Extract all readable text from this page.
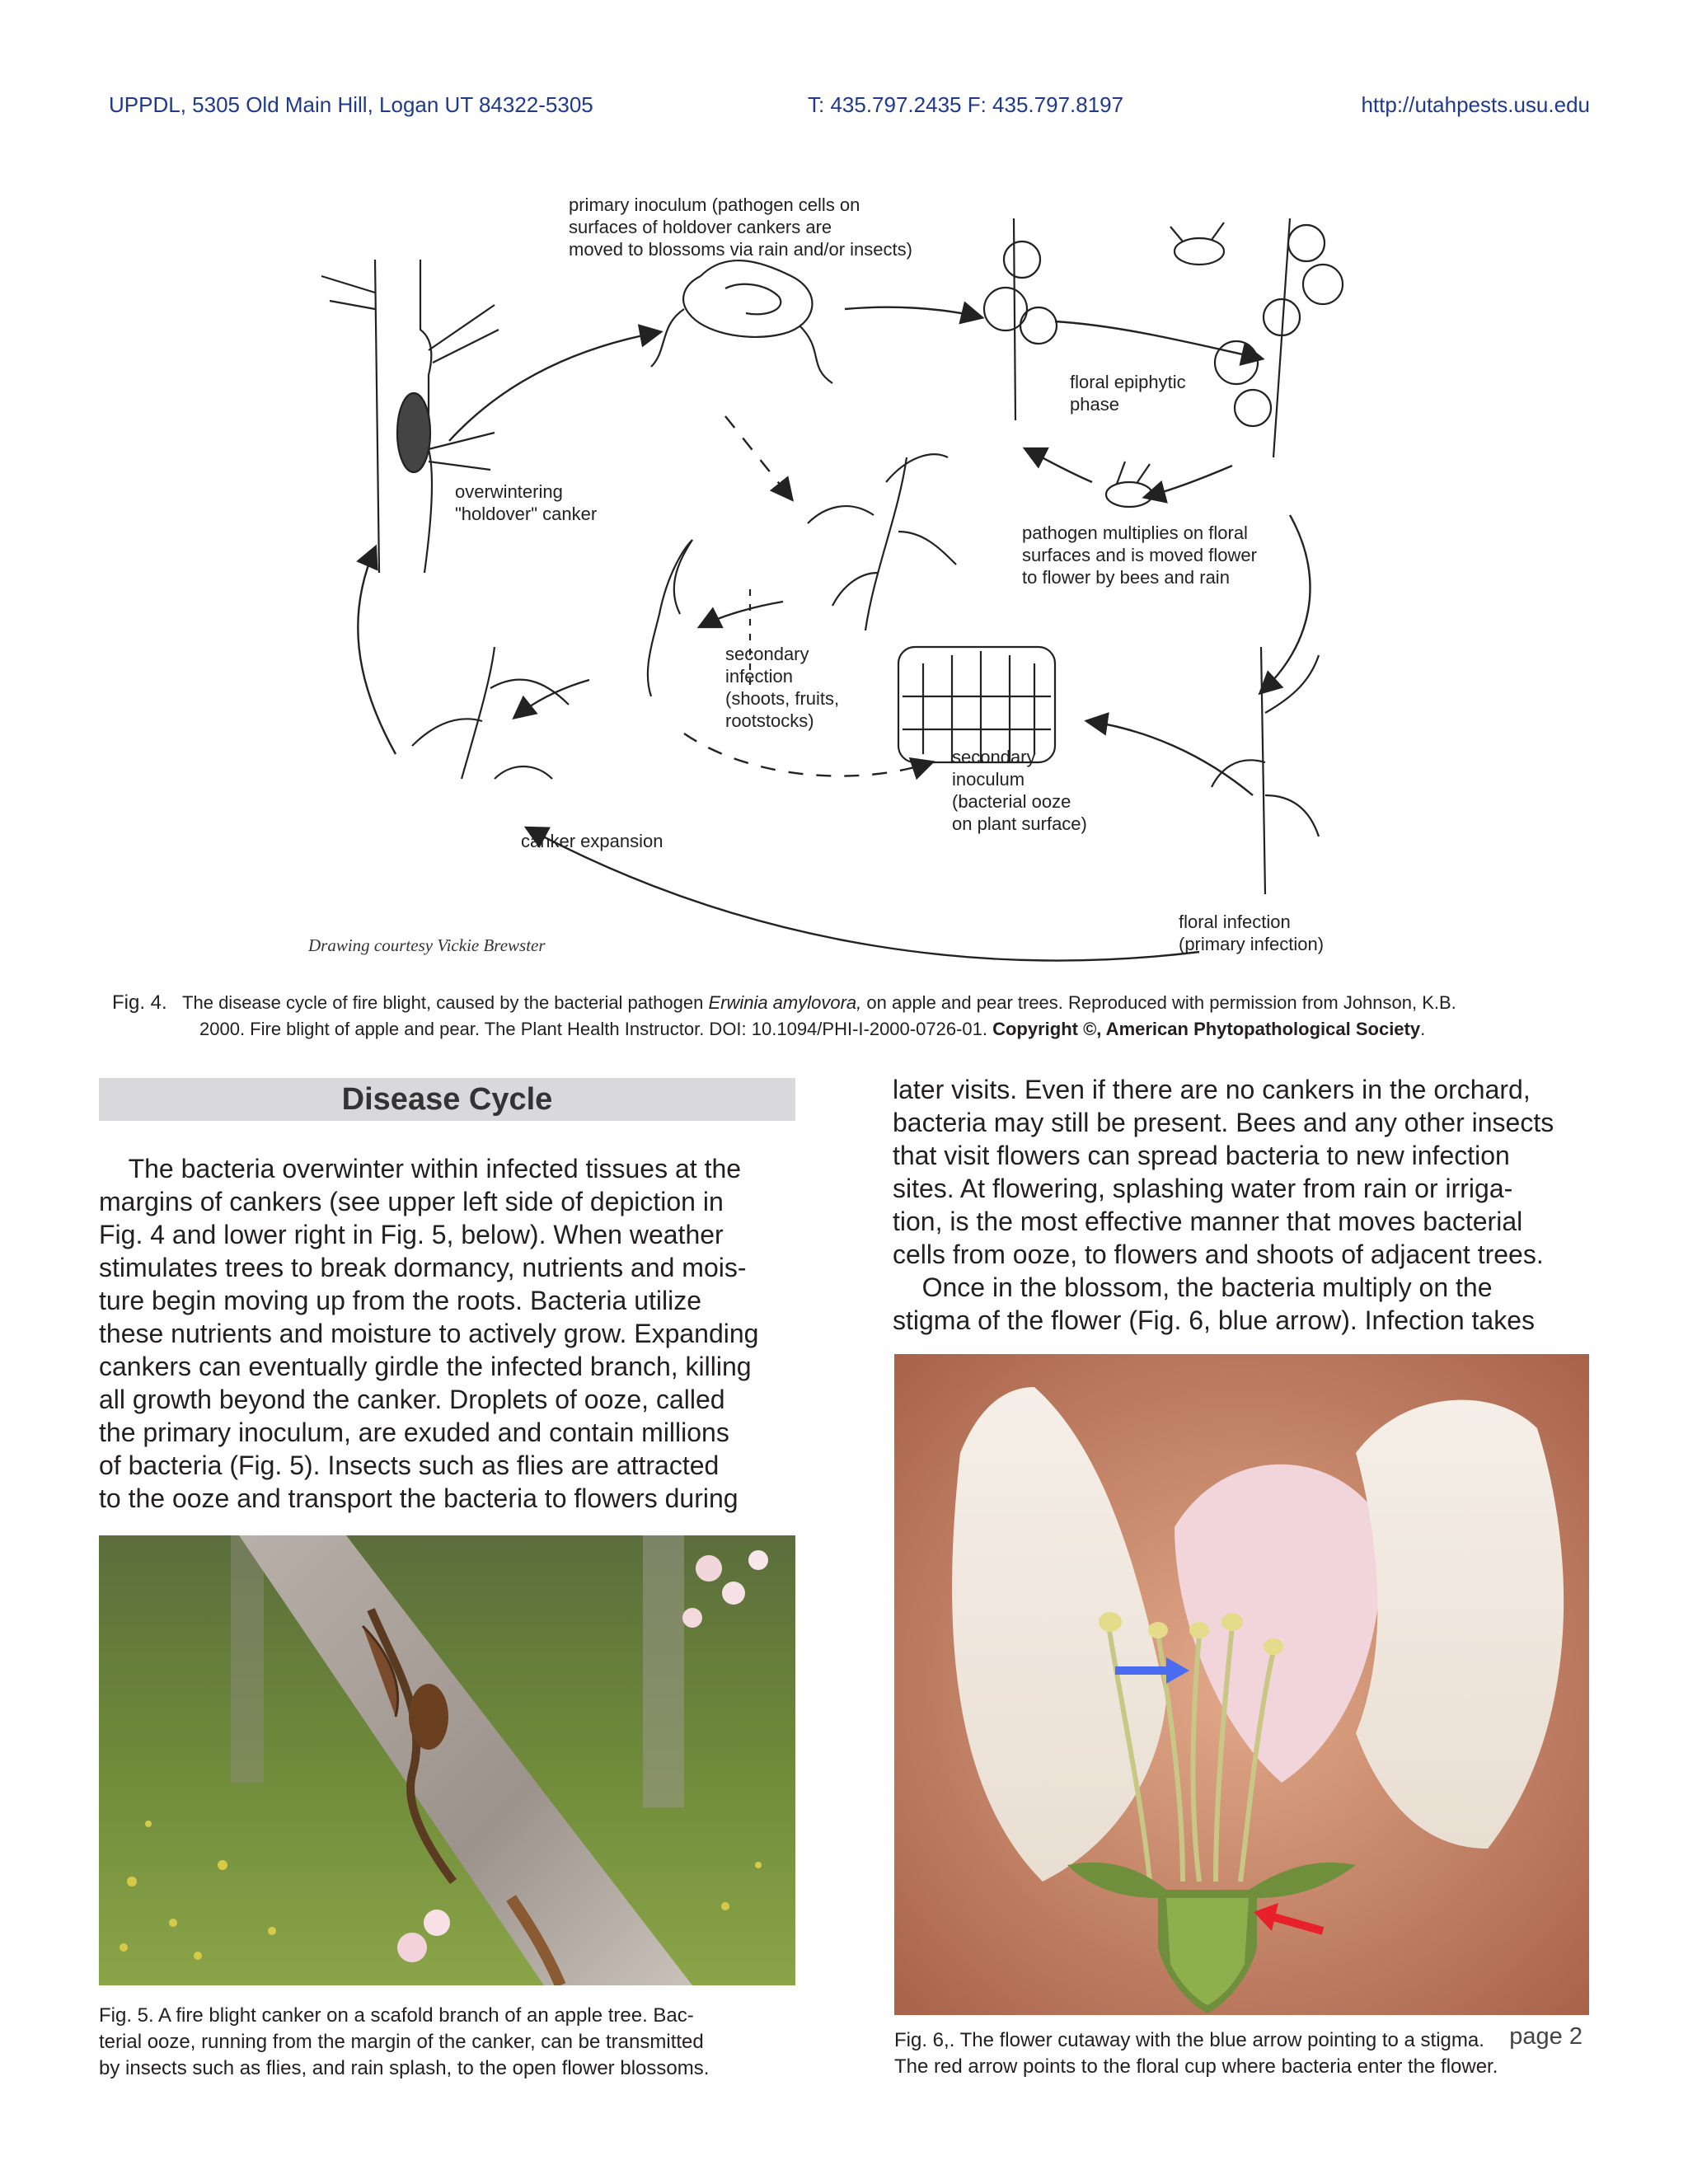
UPPDL, 5305 Old Main Hill, Logan UT 84322-5305	T: 435.797.2435 F: 435.797.8197	http://utahpests.usu.edu
primary inoculum (pathogen cells on
surfaces of holdover cankers are
moved to blossoms via rain and/or insects)
floral epiphytic
phase
overwintering
"holdover" canker
pathogen multiplies on floral
surfaces and is moved flower
to flower by bees and rain
secondary
infection
(shoots, fruits,
rootstocks)
secondary
inoculum
(bacterial ooze
on plant surface)
canker expansion
floral infection
(primary infection)
Drawing courtesy Vickie Brewster
Fig. 4. The disease cycle of fire blight, caused by the bacterial pathogen Erwinia amylovora, on apple and pear trees. Reproduced with permission from Johnson, K.B.
2000. Fire blight of apple and pear. The Plant Health Instructor. DOI: 10.1094/PHI-I-2000-0726-01. Copyright ©, American Phytopathological Society.
Disease Cycle
The bacteria overwinter within infected tissues at the
margins of cankers (see upper left side of depiction in
Fig. 4 and lower right in Fig. 5, below). When weather
stimulates trees to break dormancy, nutrients and mois-
ture begin moving up from the roots. Bacteria utilize
these nutrients and moisture to actively grow. Expanding
cankers can eventually girdle the infected branch, killing
all growth beyond the canker. Droplets of ooze, called
the primary inoculum, are exuded and contain millions
of bacteria (Fig. 5). Insects such as flies are attracted
to the ooze and transport the bacteria to flowers during
later visits. Even if there are no cankers in the orchard,
bacteria may still be present. Bees and any other insects
that visit flowers can spread bacteria to new infection
sites. At flowering, splashing water from rain or irriga-
tion, is the most effective manner that moves bacterial
cells from ooze, to flowers and shoots of adjacent trees.
Once in the blossom, the bacteria multiply on the
stigma of the flower (Fig. 6, blue arrow). Infection takes
Fig. 5. A fire blight canker on a scafold branch of an apple tree. Bac-
terial ooze, running from the margin of the canker, can be transmitted
by insects such as flies, and rain splash, to the open flower blossoms.
Fig. 6,. The flower cutaway with the blue arrow pointing to a stigma.
The red arrow points to the floral cup where bacteria enter the flower.
page 2
